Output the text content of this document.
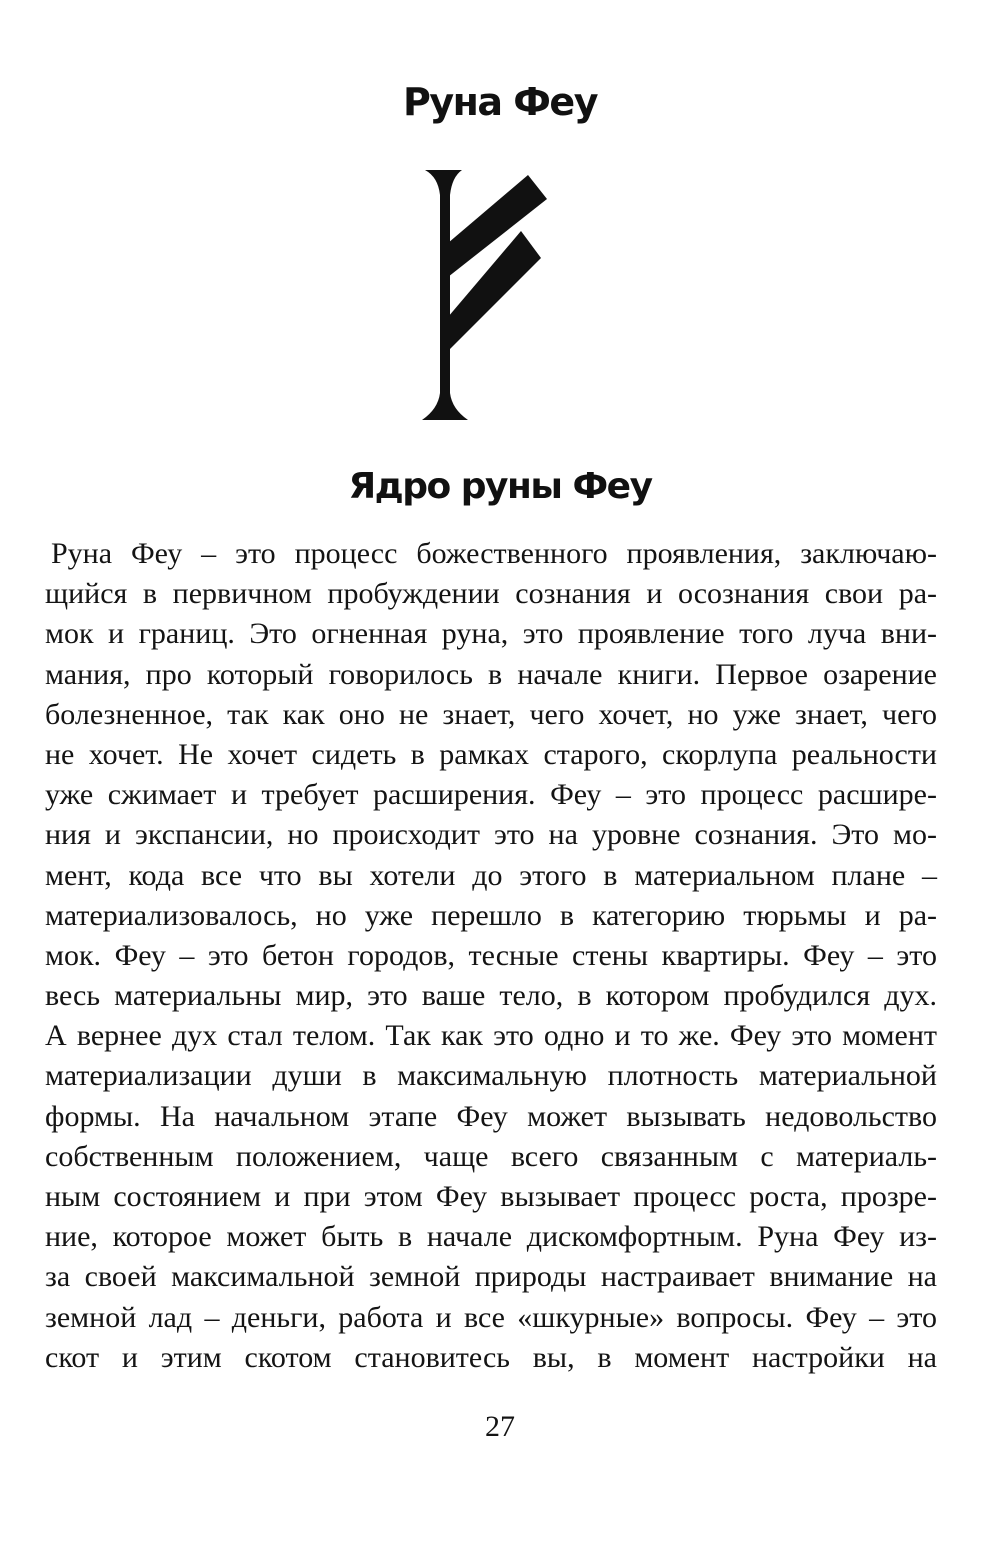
Руна Феу
Ядро руны Феу
Руна Феу – это процесс божественного проявления, заключаю-
щийся в первичном пробуждении сознания и осознания свои ра-
мок и границ. Это огненная руна, это проявление того луча вни-
мания, про который говорилось в начале книги. Первое озарение
болезненное, так как оно не знает, чего хочет, но уже знает, чего
не хочет. Не хочет сидеть в рамках старого, скорлупа реальности
уже сжимает и требует расширения. Феу – это процесс расшире-
ния и экспансии, но происходит это на уровне сознания. Это мо-
мент, кода все что вы хотели до этого в материальном плане –
материализовалось, но уже перешло в категорию тюрьмы и ра-
мок. Феу – это бетон городов, тесные стены квартиры. Феу – это
весь материальны мир, это ваше тело, в котором пробудился дух.
А вернее дух стал телом. Так как это одно и то же. Феу это момент
материализации души в максимальную плотность материальной
формы. На начальном этапе Феу может вызывать недовольство
собственным положением, чаще всего связанным с материаль-
ным состоянием и при этом Феу вызывает процесс роста, прозре-
ние, которое может быть в начале дискомфортным. Руна Феу из-
за своей максимальной земной природы настраивает внимание на
земной лад – деньги, работа и все «шкурные» вопросы. Феу – это
скот и этим скотом становитесь вы, в момент настройки на

27
